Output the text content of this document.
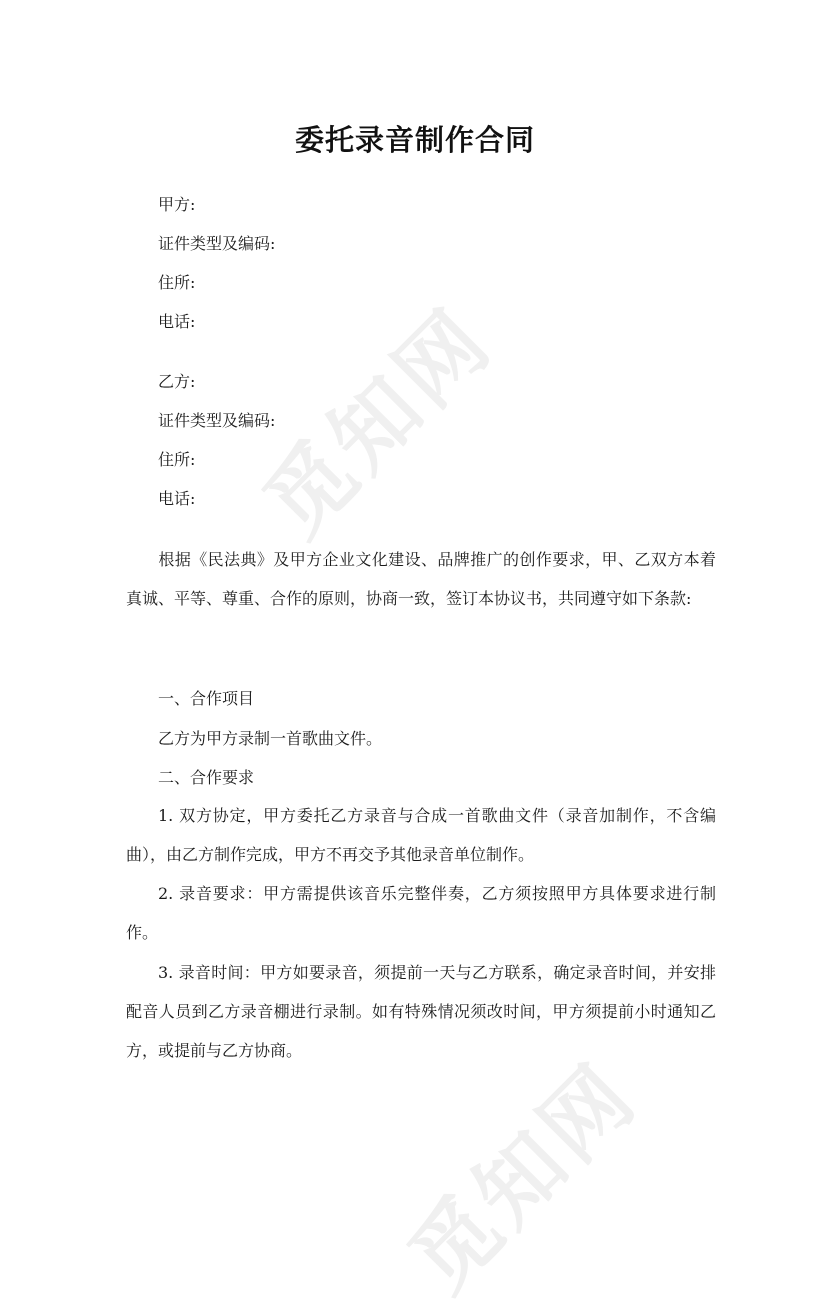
觅知网
觅知网
委托录音制作合同
甲方:
证件类型及编码:
住所:
电话:
乙方:
证件类型及编码:
住所:
电话:
根据《民法典》及甲方企业文化建设、品牌推广的创作要求，甲、乙双方本着真诚、平等、尊重、合作的原则，协商一致，签订本协议书，共同遵守如下条款:
一、合作项目
乙方为甲方录制一首歌曲文件。
二、合作要求
1. 双方协定，甲方委托乙方录音与合成一首歌曲文件（录音加制作，不含编曲），由乙方制作完成，甲方不再交予其他录音单位制作。
2. 录音要求：甲方需提供该音乐完整伴奏，乙方须按照甲方具体要求进行制作。
3. 录音时间：甲方如要录音，须提前一天与乙方联系，确定录音时间，并安排配音人员到乙方录音棚进行录制。如有特殊情况须改时间，甲方须提前小时通知乙方，或提前与乙方协商。
